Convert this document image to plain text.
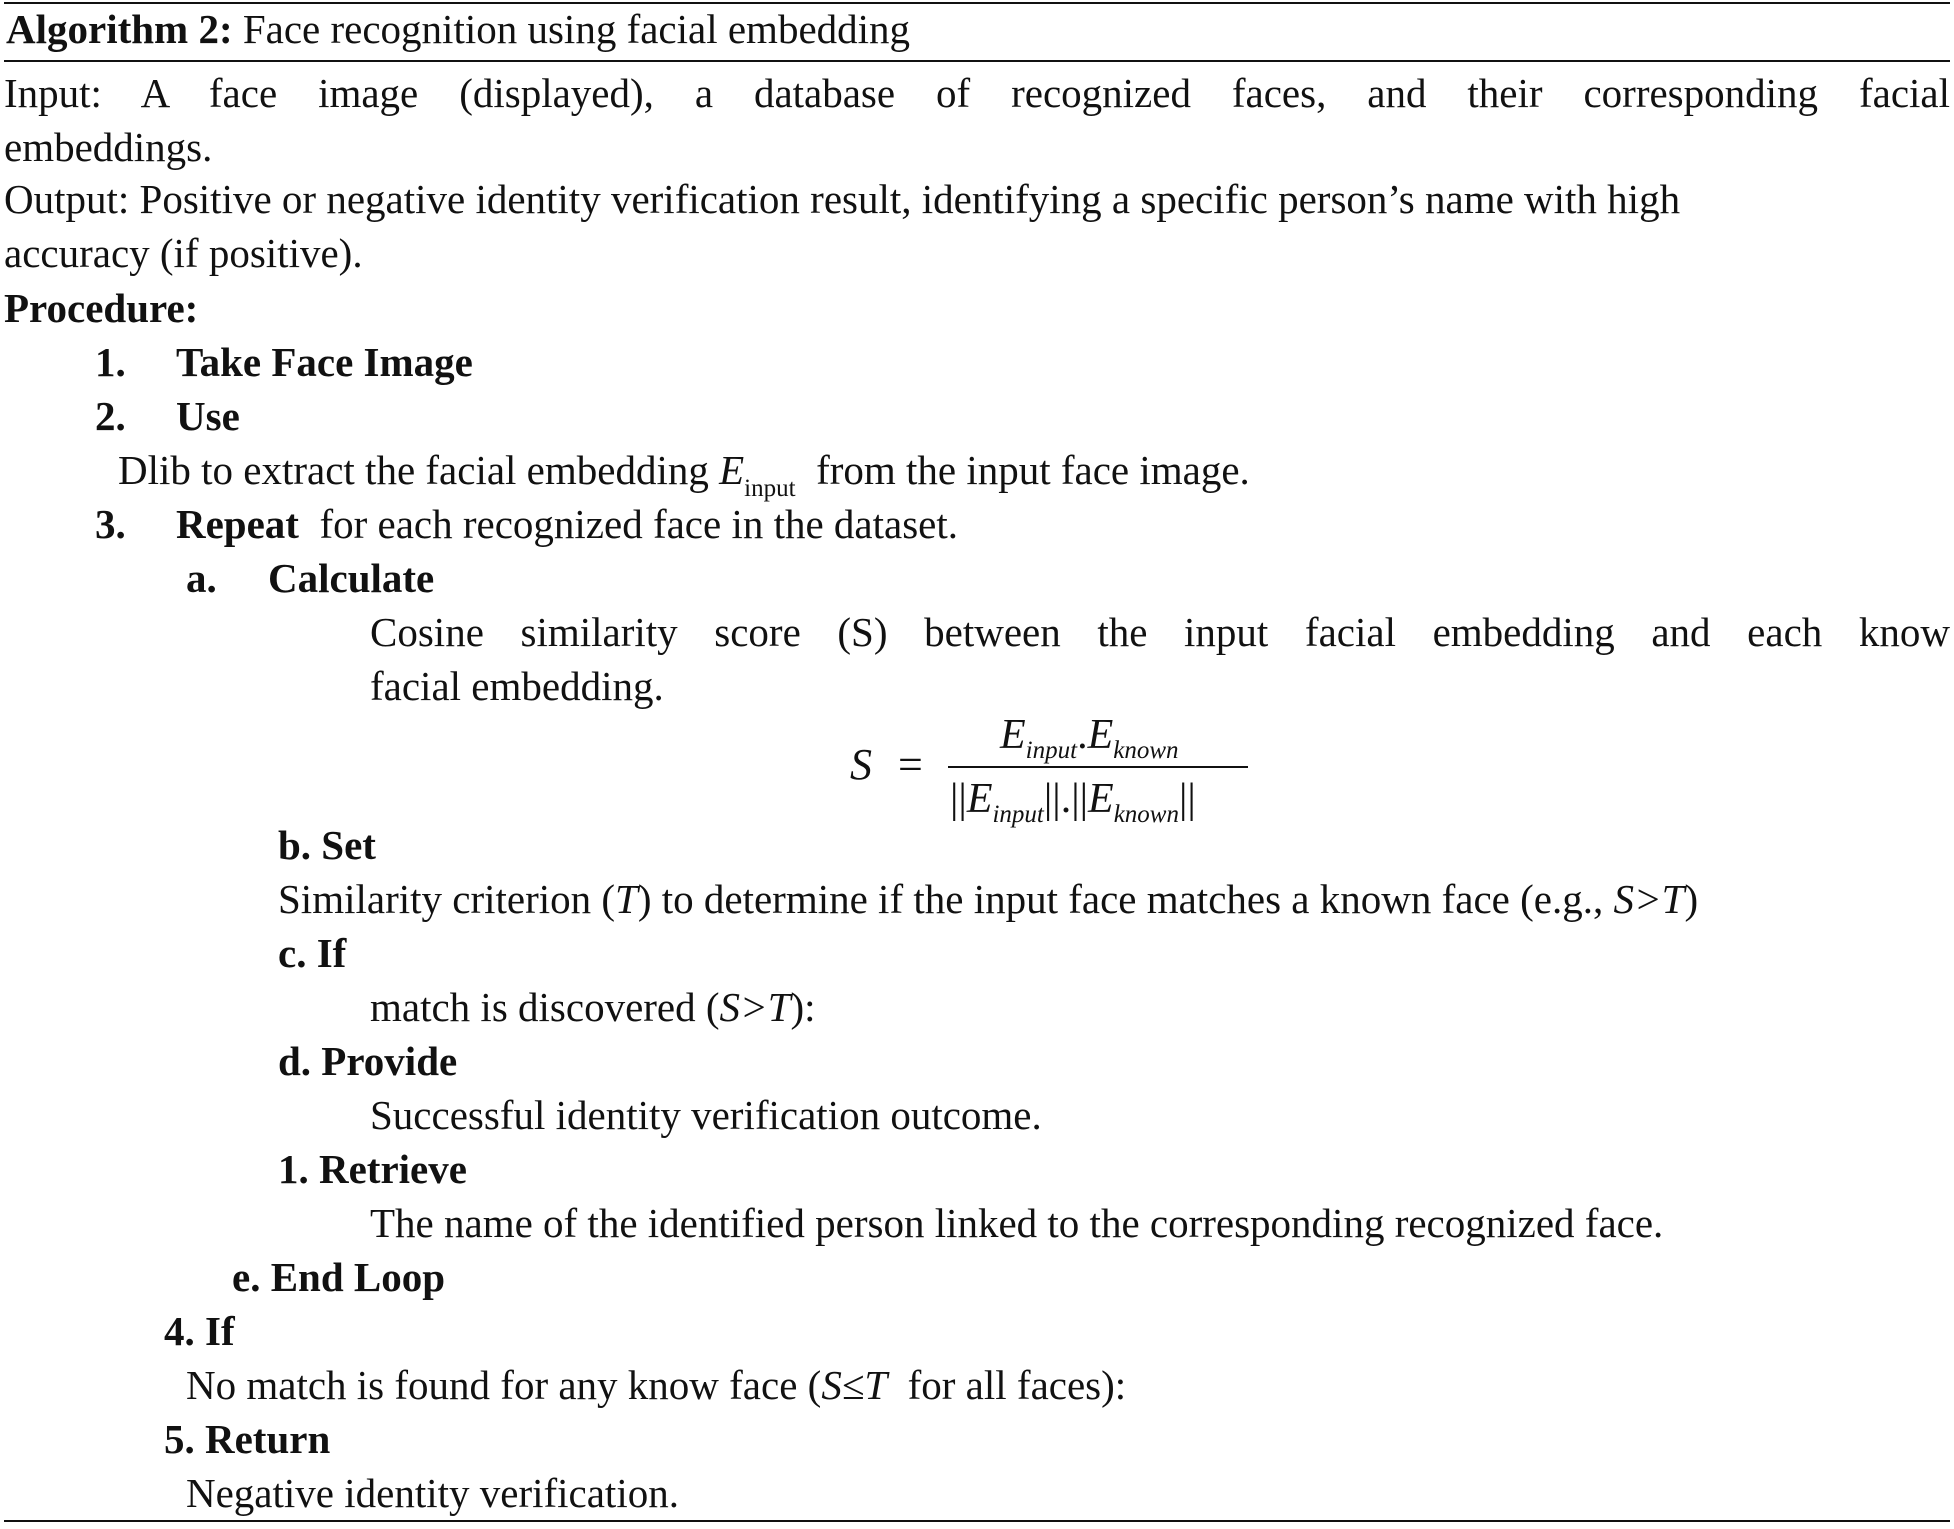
Algorithm 2: Face recognition using facial embedding
Input: A face image (displayed), a database of recognized faces, and their corresponding facial
embeddings.
Output: Positive or negative identity verification result, identifying a specific person’s name with high
accuracy (if positive).
Procedure:
1. Take Face Image
2. Use
Dlib to extract the facial embedding $E_{input}$  from the input face image.
3. Repeat  for each recognized face in the dataset.
a. Calculate
Cosine similarity score (S) between the input facial embedding and each know
facial embedding.
S =
$E_{input}.E_{known}$
$||E_{input}||.||E_{known}||$
b. Set
Similarity criterion (T) to determine if the input face matches a known face (e.g., S>T)
c. If
match is discovered (S>T):
d. Provide
Successful identity verification outcome.
1. Retrieve
The name of the identified person linked to the corresponding recognized face.
e. End Loop
4. If
No match is found for any know face (S≤T  for all faces):
5. Return
Negative identity verification.
